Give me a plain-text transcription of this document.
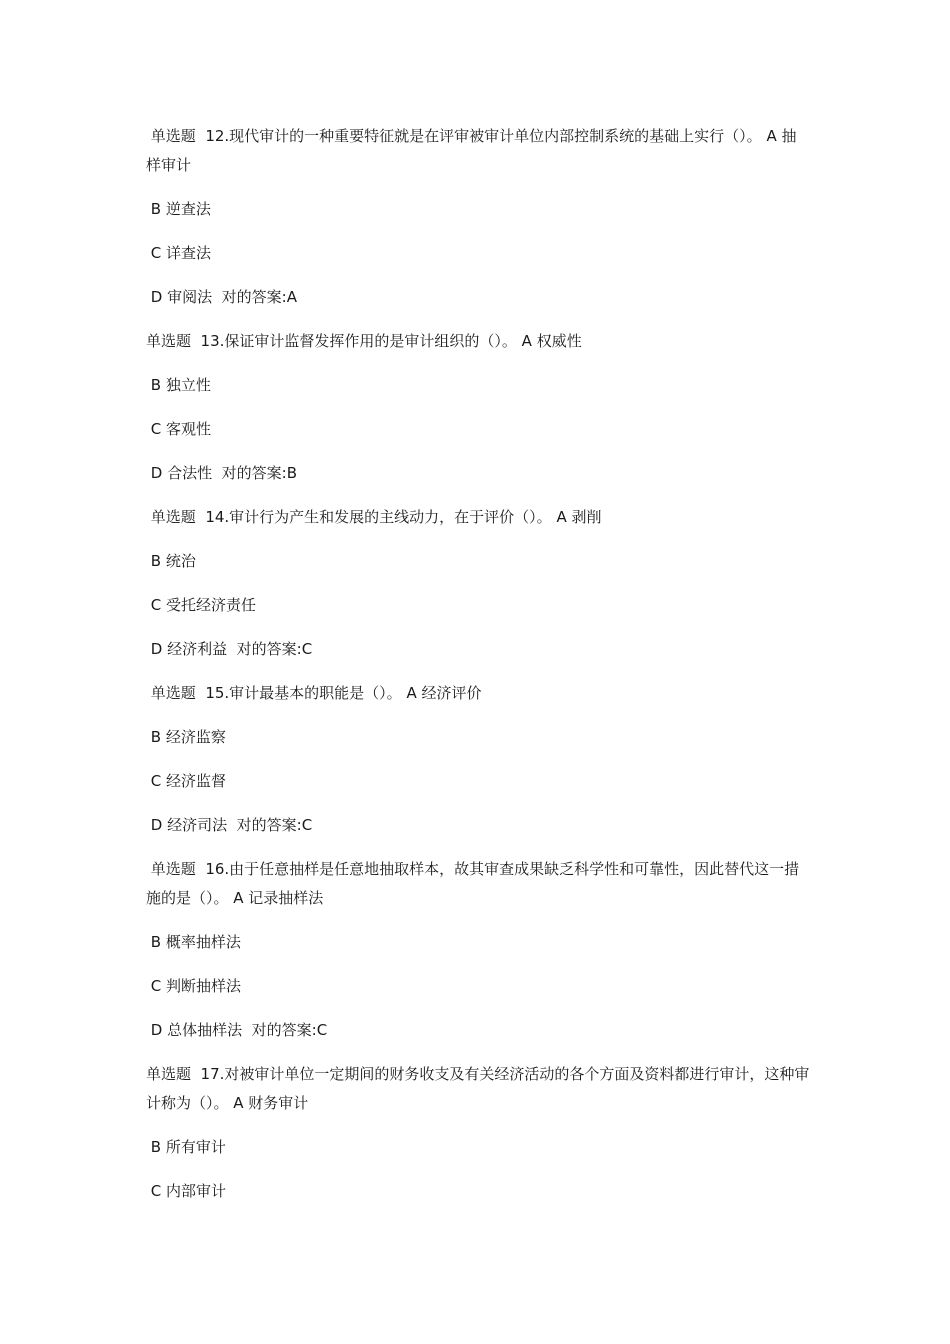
单选题  12.现代审计的一种重要特征就是在评审被审计单位内部控制系统的基础上实行（）。 A 抽样审计

B 逆查法

C 详查法

D 审阅法  对的答案:A

单选题  13.保证审计监督发挥作用的是审计组织的（）。 A 权威性

B 独立性

C 客观性

D 合法性  对的答案:B

单选题  14.审计行为产生和发展的主线动力，在于评价（）。 A 剥削

B 统治

C 受托经济责任

D 经济利益  对的答案:C

单选题  15.审计最基本的职能是（）。 A 经济评价

B 经济监察

C 经济监督

D 经济司法  对的答案:C

单选题  16.由于任意抽样是任意地抽取样本，故其审查成果缺乏科学性和可靠性，因此替代这一措施的是（）。 A 记录抽样法

B 概率抽样法

C 判断抽样法

D 总体抽样法  对的答案:C

单选题  17.对被审计单位一定期间的财务收支及有关经济活动的各个方面及资料都进行审计，这种审计称为（）。 A 财务审计

B 所有审计

C 内部审计
